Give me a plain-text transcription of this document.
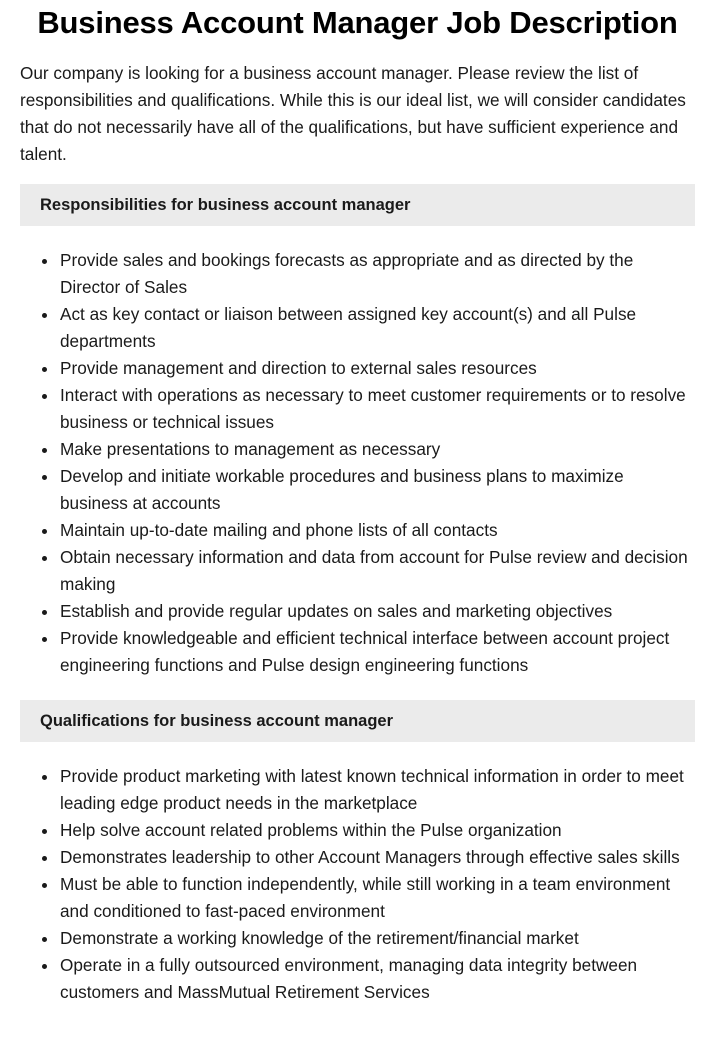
Business Account Manager Job Description

Our company is looking for a business account manager. Please review the list of responsibilities and qualifications. While this is our ideal list, we will consider candidates that do not necessarily have all of the qualifications, but have sufficient experience and talent.

Responsibilities for business account manager
Provide sales and bookings forecasts as appropriate and as directed by the Director of Sales
Act as key contact or liaison between assigned key account(s) and all Pulse departments
Provide management and direction to external sales resources
Interact with operations as necessary to meet customer requirements or to resolve business or technical issues
Make presentations to management as necessary
Develop and initiate workable procedures and business plans to maximize business at accounts
Maintain up-to-date mailing and phone lists of all contacts
Obtain necessary information and data from account for Pulse review and decision making
Establish and provide regular updates on sales and marketing objectives
Provide knowledgeable and efficient technical interface between account project engineering functions and Pulse design engineering functions
Qualifications for business account manager
Provide product marketing with latest known technical information in order to meet leading edge product needs in the marketplace
Help solve account related problems within the Pulse organization
Demonstrates leadership to other Account Managers through effective sales skills
Must be able to function independently, while still working in a team environment and conditioned to fast-paced environment
Demonstrate a working knowledge of the retirement/financial market
Operate in a fully outsourced environment, managing data integrity between customers and MassMutual Retirement Services
